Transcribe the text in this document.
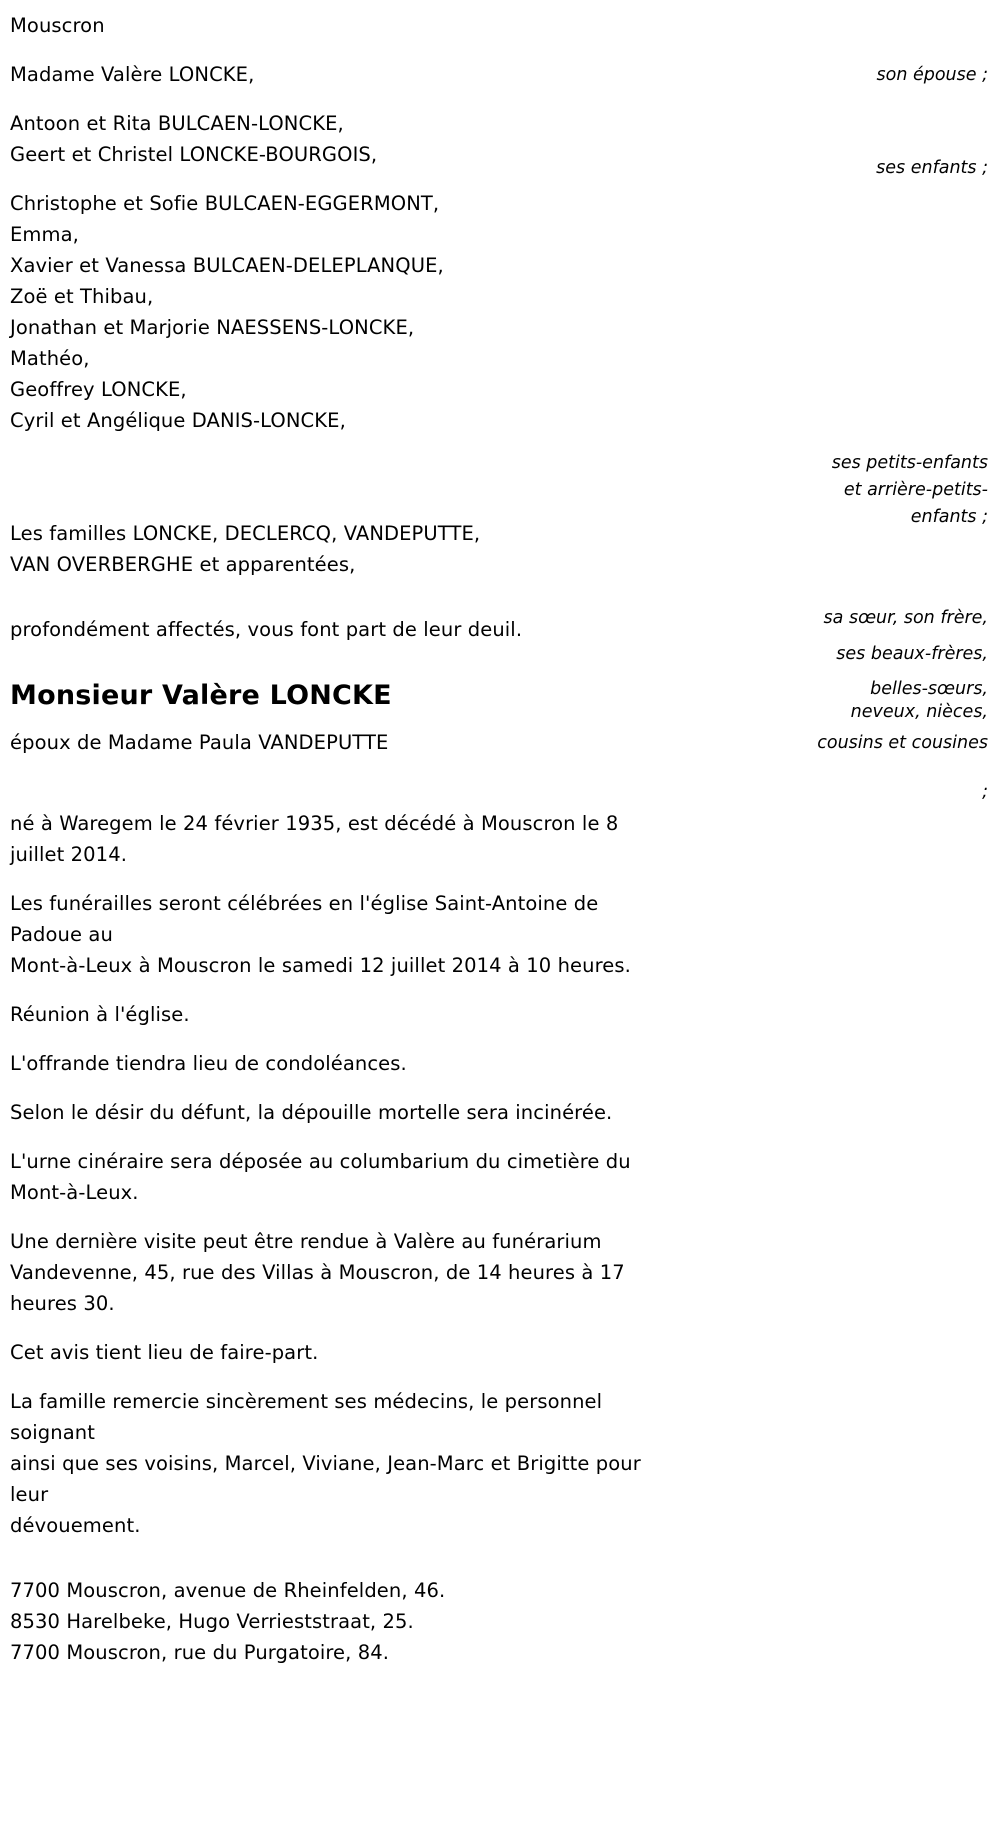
Mouscron

Madame Valère LONCKE,

Antoon et Rita BULCAEN-LONCKE,
Geert et Christel LONCKE-BOURGOIS,

Christophe et Sofie BULCAEN-EGGERMONT,
Emma,
Xavier et Vanessa BULCAEN-DELEPLANQUE,
Zoë et Thibau,
Jonathan et Marjorie NAESSENS-LONCKE,
Mathéo,
Geoffrey LONCKE,
Cyril et Angélique DANIS-LONCKE,

Les familles LONCKE, DECLERCQ, VANDEPUTTE,
VAN OVERBERGHE et apparentées,

profondément affectés, vous font part de leur deuil.

Monsieur Valère LONCKE

époux de Madame Paula VANDEPUTTE

né à Waregem le 24 février 1935, est décédé à Mouscron le 8 juillet 2014.

Les funérailles seront célébrées en l'église Saint-Antoine de Padoue au
Mont-à-Leux à Mouscron le samedi 12 juillet 2014 à 10 heures.

Réunion à l'église.

L'offrande tiendra lieu de condoléances.

Selon le désir du défunt, la dépouille mortelle sera incinérée.

L'urne cinéraire sera déposée au columbarium du cimetière du
Mont-à-Leux.

Une dernière visite peut être rendue à Valère au funérarium
Vandevenne, 45, rue des Villas à Mouscron, de 14 heures à 17 heures 30.

Cet avis tient lieu de faire-part.

La famille remercie sincèrement ses médecins, le personnel soignant
ainsi que ses voisins, Marcel, Viviane, Jean-Marc et Brigitte pour leur
dévouement.

7700 Mouscron, avenue de Rheinfelden, 46.
8530 Harelbeke, Hugo Verrieststraat, 25.
7700 Mouscron, rue du Purgatoire, 84.

son épouse ;
ses enfants ;
ses petits-enfants
et arrière-petits-
enfants ;
sa sœur, son frère,
ses beaux-frères,
belles-sœurs,
neveux, nièces,
cousins et cousines
;
